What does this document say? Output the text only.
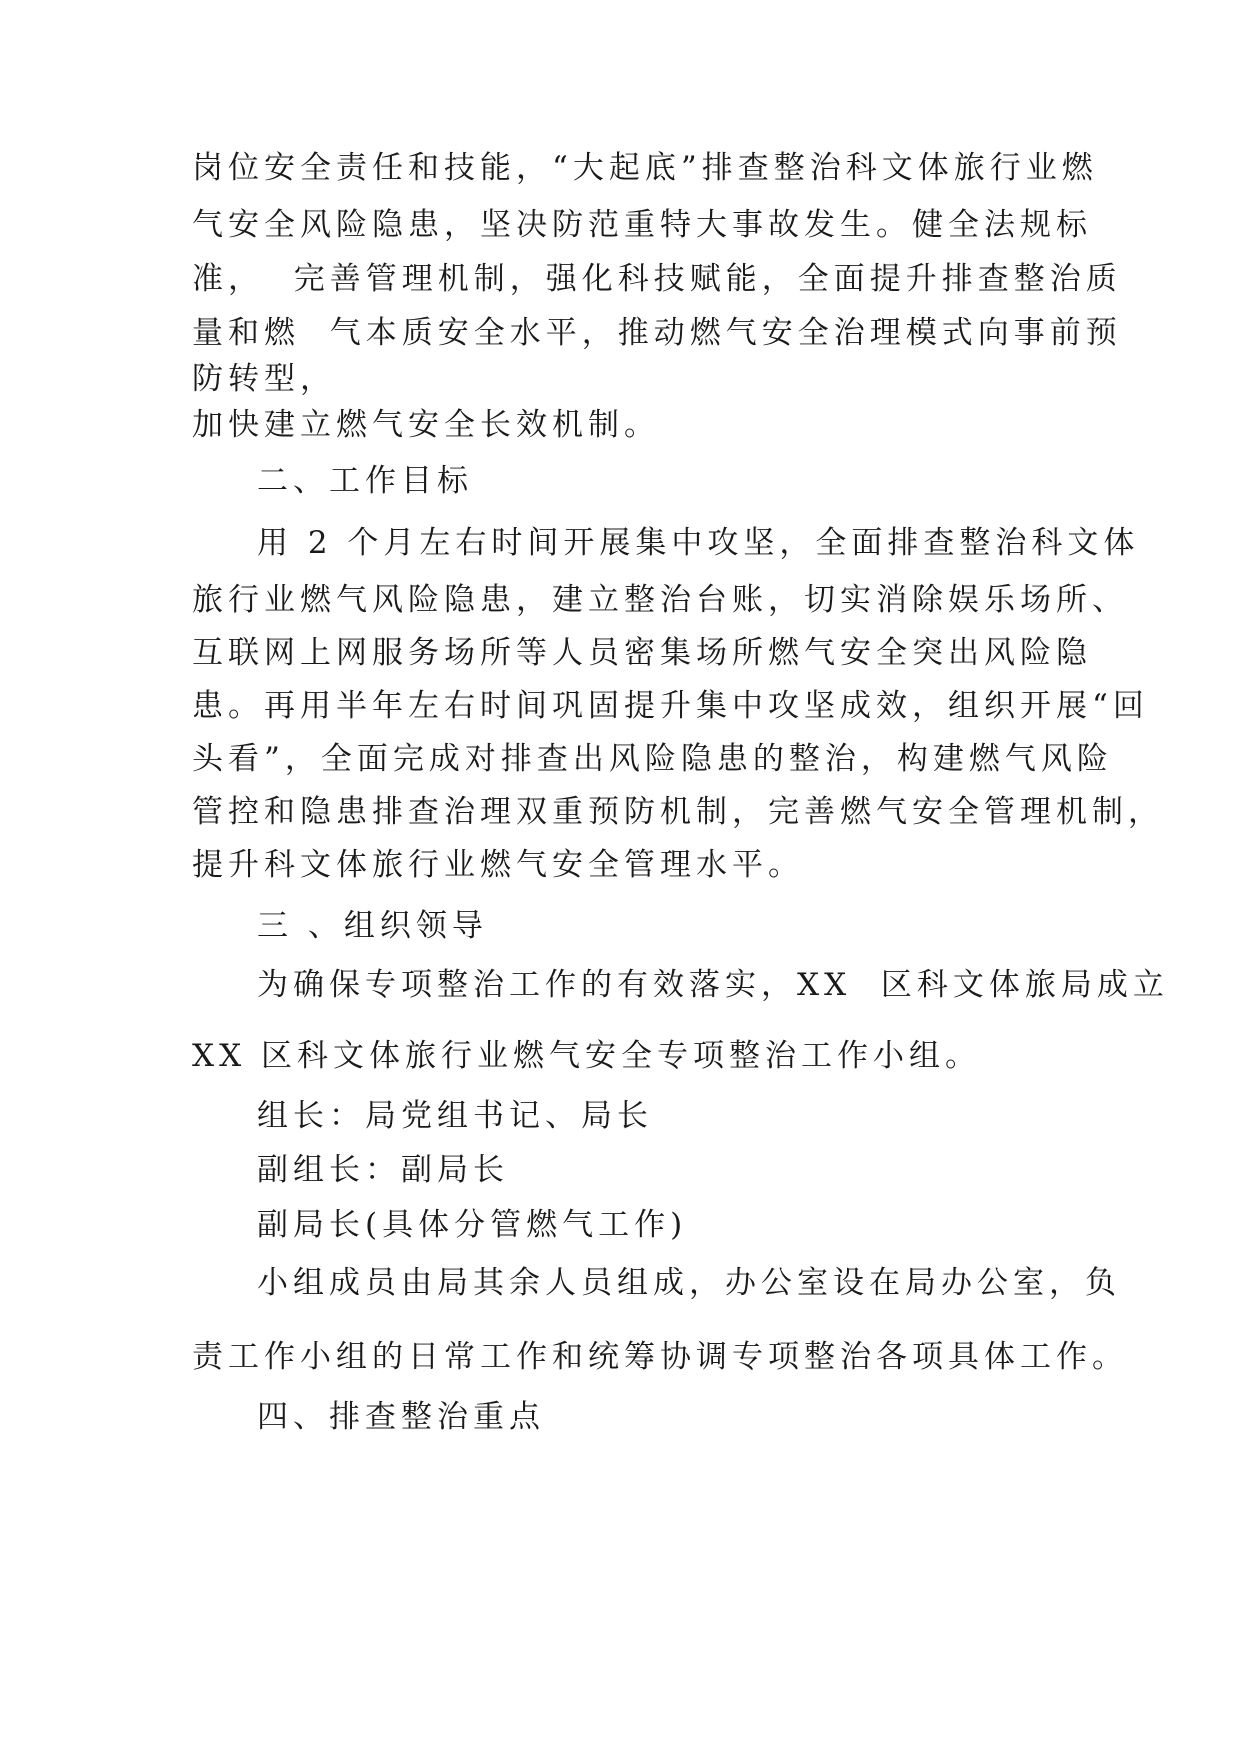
岗位安全责任和技能，“大起底”排查整治科文体旅行业燃
气安全风险隐患，坚决防范重特大事故发生。健全法规标
准，  完善管理机制，强化科技赋能，全面提升排查整治质
量和燃  气本质安全水平，推动燃气安全治理模式向事前预
防转型，
加快建立燃气安全长效机制。
二、工作目标
用 2 个月左右时间开展集中攻坚，全面排查整治科文体
旅行业燃气风险隐患，建立整治台账，切实消除娱乐场所、
互联网上网服务场所等人员密集场所燃气安全突出风险隐
患。再用半年左右时间巩固提升集中攻坚成效，组织开展“回
头看”，全面完成对排查出风险隐患的整治，构建燃气风险
管控和隐患排查治理双重预防机制，完善燃气安全管理机制，
提升科文体旅行业燃气安全管理水平。
三 、组织领导
为确保专项整治工作的有效落实，XX  区科文体旅局成立
XX 区科文体旅行业燃气安全专项整治工作小组。
组长：局党组书记、局长
副组长：副局长
副局长(具体分管燃气工作)
小组成员由局其余人员组成，办公室设在局办公室，负
责工作小组的日常工作和统筹协调专项整治各项具体工作。
四、排查整治重点
